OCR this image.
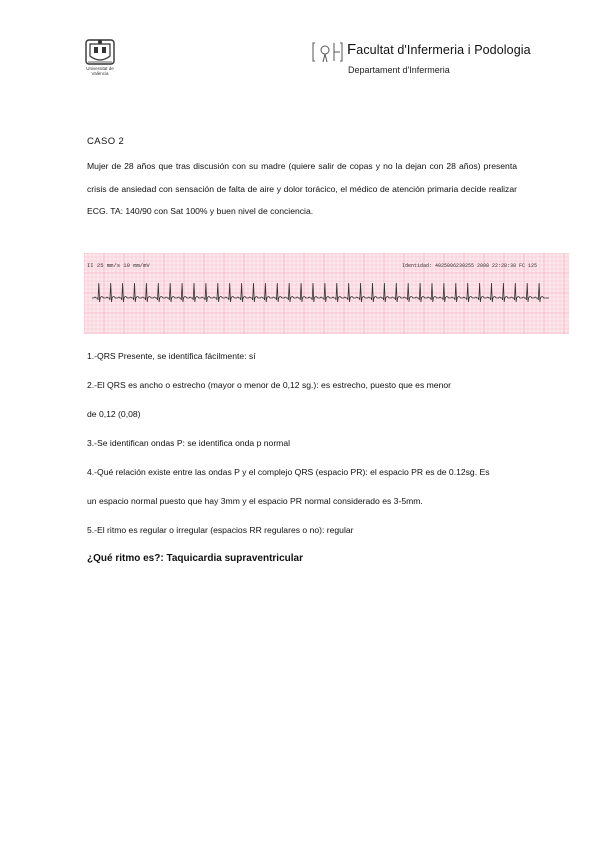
Universitat de València
Facultat d'Infermeria i Podologia
Departament d'Infermeria
CASO 2
Mujer de 28 años que tras discusión con su madre (quiere salir de copas y no la dejan con 28 años) presenta crisis de ansiedad con sensación de falta de aire y dolor torácico, el médico de atención primaria decide realizar ECG. TA: 140/90 con Sat 100% y buen nivel de conciencia.
II 25 mm/s 10 mm/mV	Identidad: 4025006230255 2008 22:28:38 FC 125
1.-QRS Presente, se identifica fácilmente: sí
2.-El QRS es ancho o estrecho (mayor o menor de 0,12 sg.): es estrecho, puesto que es menor
de 0,12 (0,08)
3.-Se identifican ondas P: se identifica onda p normal
4.-Qué relación existe entre las ondas P y el complejo QRS (espacio PR): el espacio PR es de 0.12sg. Es
un espacio normal puesto que hay 3mm y el espacio PR normal considerado es 3-5mm.
5.-El ritmo es regular o irregular (espacios RR regulares o no): regular
¿Qué ritmo es?: Taquicardia supraventricular
